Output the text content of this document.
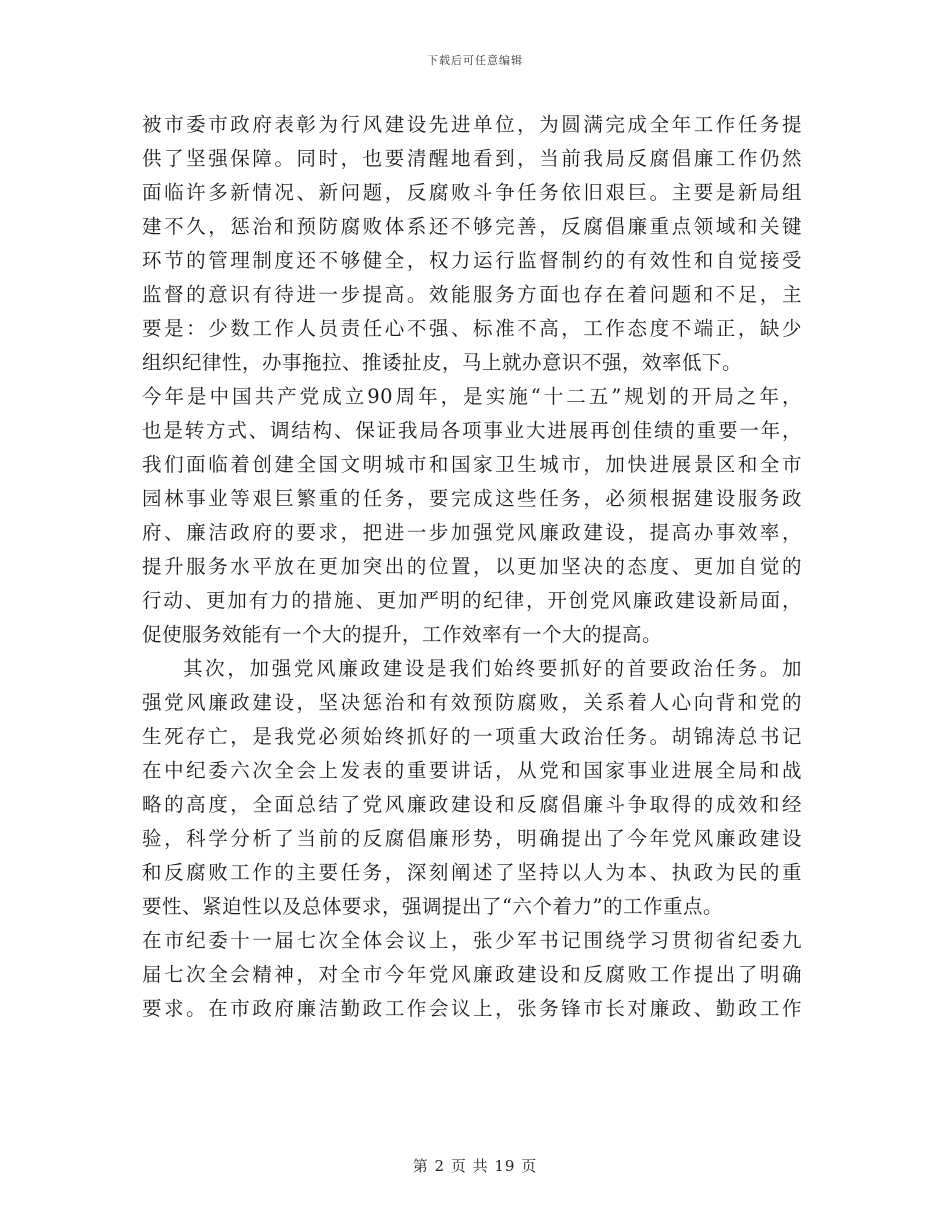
下载后可任意编辑
被市委市政府表彰为行风建设先进单位，为圆满完成全年工作任务提
供了坚强保障。同时，也要清醒地看到，当前我局反腐倡廉工作仍然
面临许多新情况、新问题，反腐败斗争任务依旧艰巨。主要是新局组
建不久，惩治和预防腐败体系还不够完善，反腐倡廉重点领域和关键
环节的管理制度还不够健全，权力运行监督制约的有效性和自觉接受
监督的意识有待进一步提高。效能服务方面也存在着问题和不足，主
要是：少数工作人员责任心不强、标准不高，工作态度不端正，缺少
组织纪律性，办事拖拉、推诿扯皮，马上就办意识不强，效率低下。
今年是中国共产党成立90周年，是实施“十二五”规划的开局之年，
也是转方式、调结构、保证我局各项事业大进展再创佳绩的重要一年，
我们面临着创建全国文明城市和国家卫生城市，加快进展景区和全市
园林事业等艰巨繁重的任务，要完成这些任务，必须根据建设服务政
府、廉洁政府的要求，把进一步加强党风廉政建设，提高办事效率，
提升服务水平放在更加突出的位置，以更加坚决的态度、更加自觉的
行动、更加有力的措施、更加严明的纪律，开创党风廉政建设新局面，
促使服务效能有一个大的提升，工作效率有一个大的提高。
其次，加强党风廉政建设是我们始终要抓好的首要政治任务。加
强党风廉政建设，坚决惩治和有效预防腐败，关系着人心向背和党的
生死存亡，是我党必须始终抓好的一项重大政治任务。胡锦涛总书记
在中纪委六次全会上发表的重要讲话，从党和国家事业进展全局和战
略的高度，全面总结了党风廉政建设和反腐倡廉斗争取得的成效和经
验，科学分析了当前的反腐倡廉形势，明确提出了今年党风廉政建设
和反腐败工作的主要任务，深刻阐述了坚持以人为本、执政为民的重
要性、紧迫性以及总体要求，强调提出了“六个着力”的工作重点。
在市纪委十一届七次全体会议上，张少军书记围绕学习贯彻省纪委九
届七次全会精神，对全市今年党风廉政建设和反腐败工作提出了明确
要求。在市政府廉洁勤政工作会议上，张务锋市长对廉政、勤政工作
第 2 页 共 19 页
